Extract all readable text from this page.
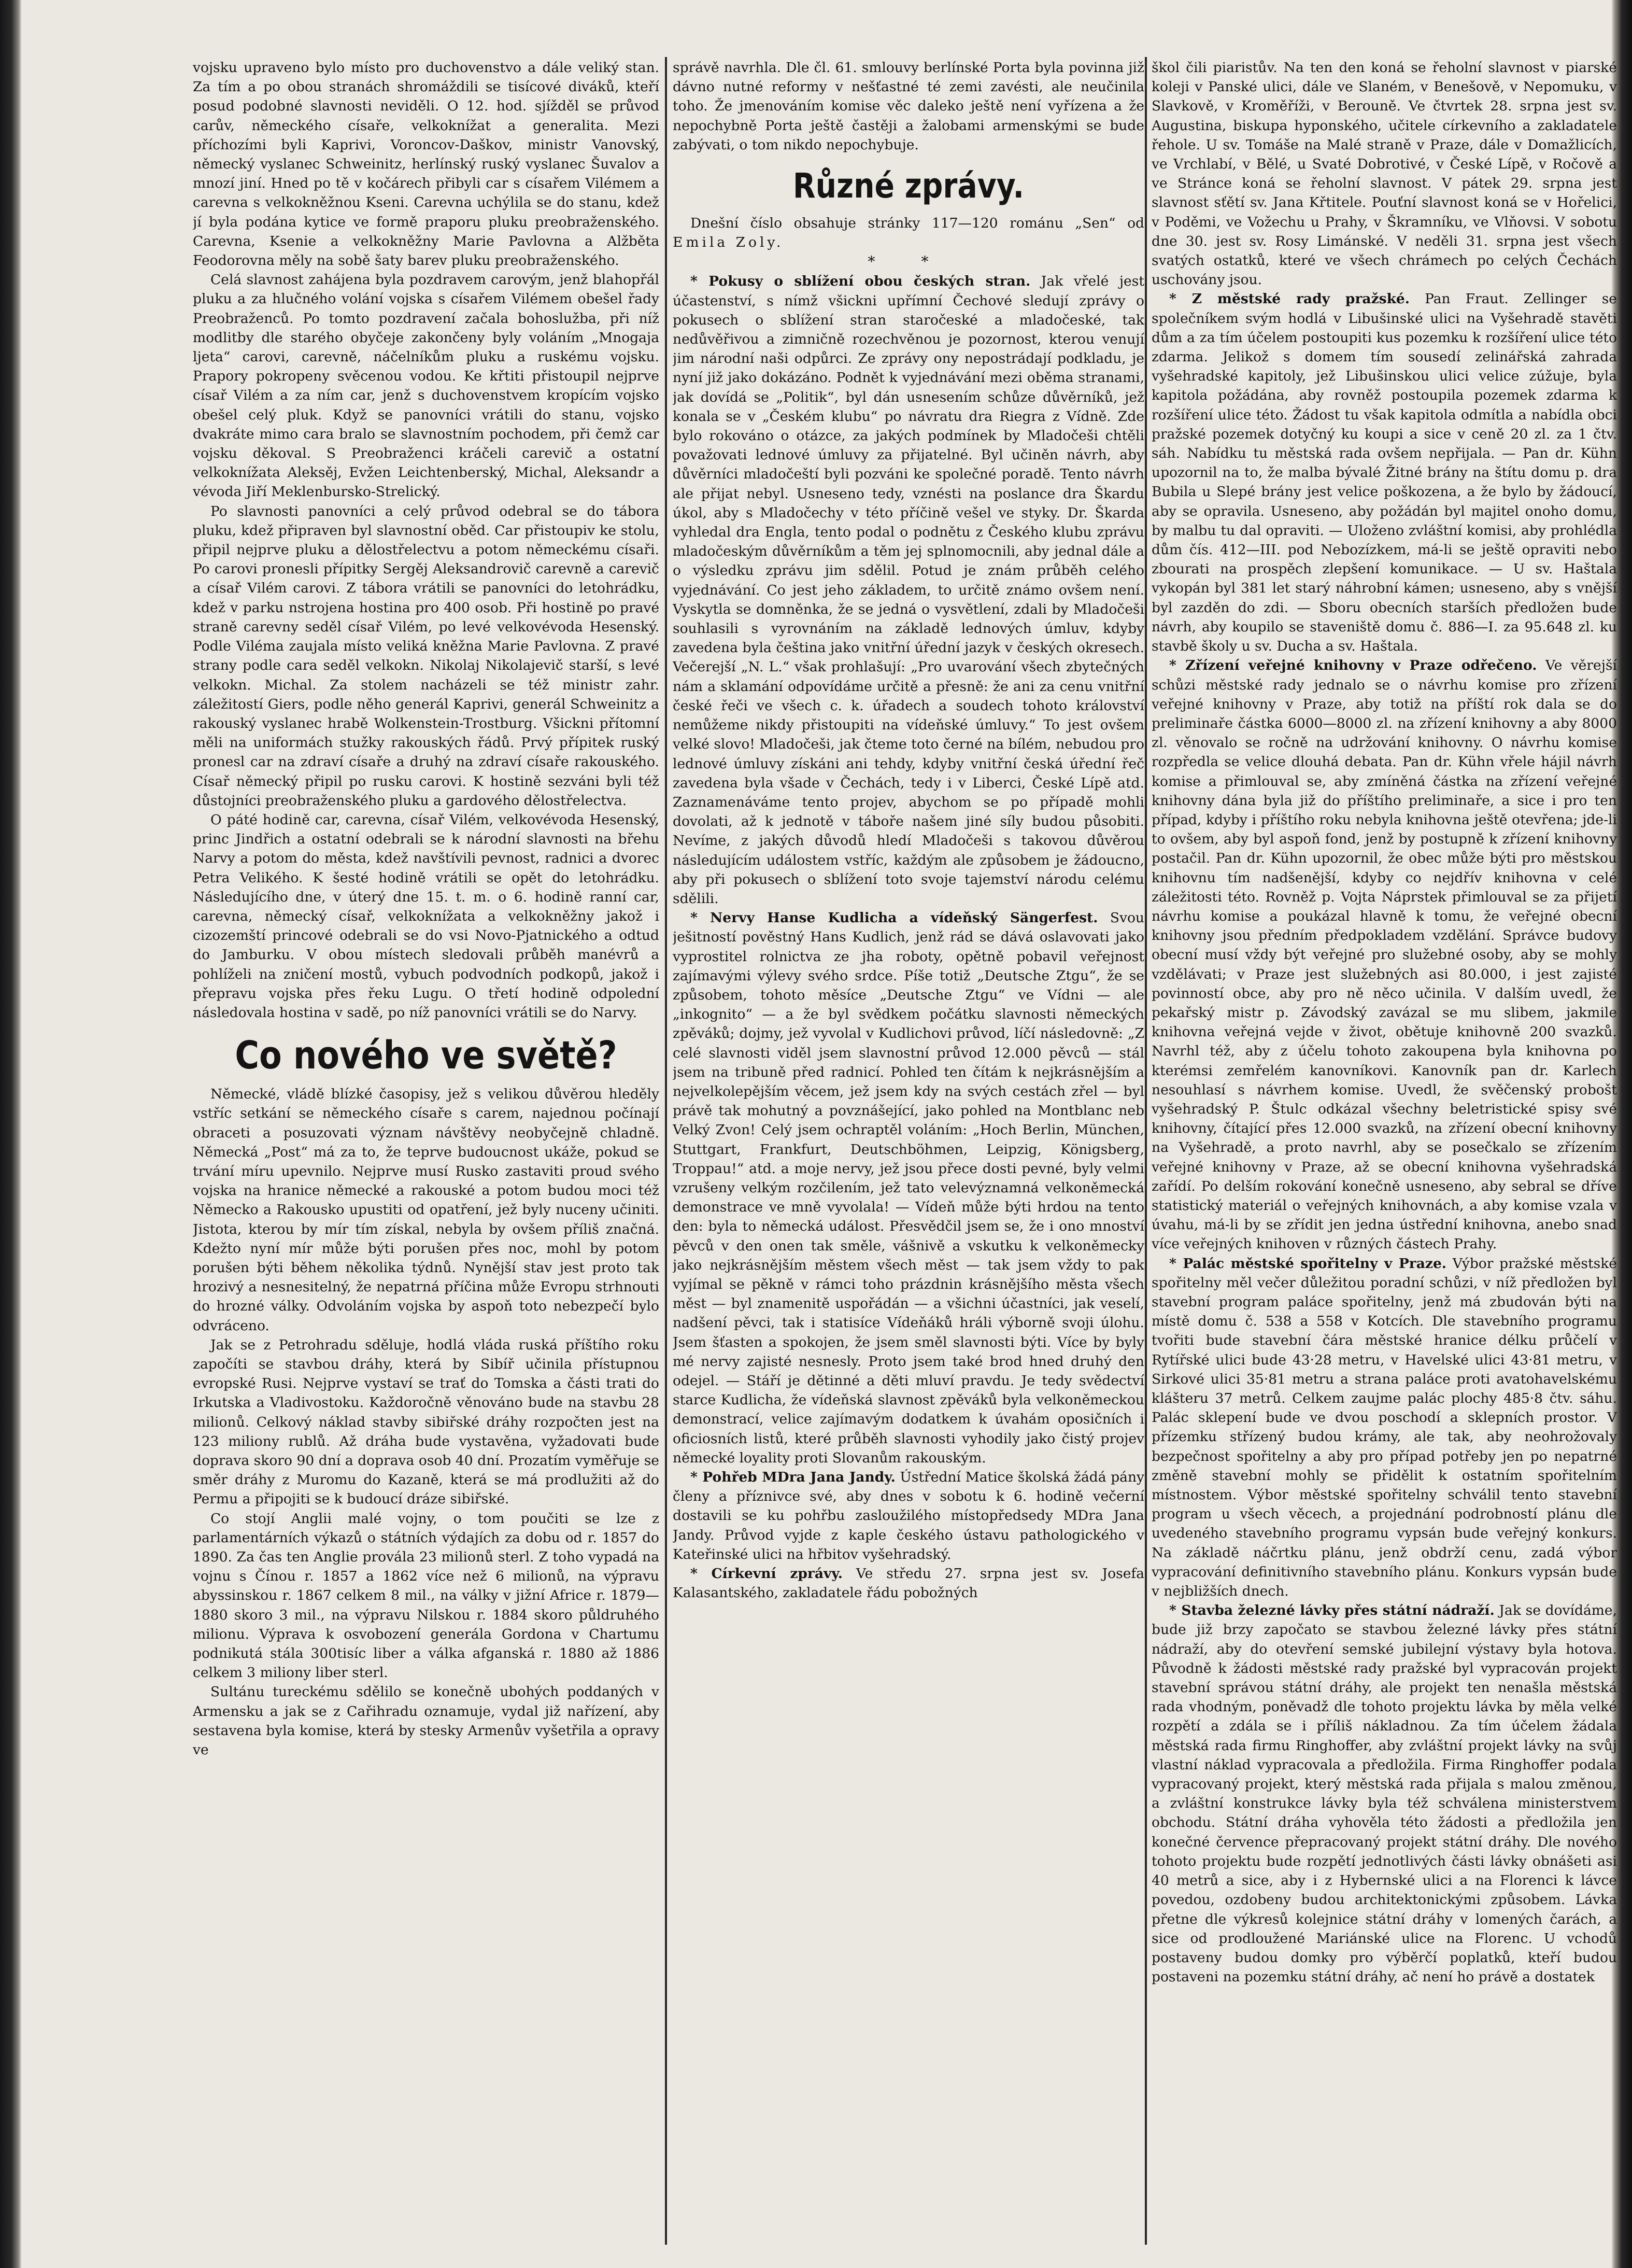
vojsku upraveno bylo místo pro duchovenstvo a dále veliký stan. Za tím a po obou stranách shromáždili se tisícové diváků, kteří posud podobné slavnosti neviděli. O 12. hod. sjížděl se průvod carův, německého císaře, velkoknížat a generalita. Mezi příchozími byli Kaprivi, Voroncov-Daškov, ministr Vanovský, německý vyslanec Schweinitz, herlínský ruský vyslanec Šuvalov a mnozí jiní. Hned po tě v kočárech přibyli car s císařem Vilémem a carevna s velkokněžnou Kseni. Carevna uchýlila se do stanu, kdež jí byla podána kytice ve formě praporu pluku preobraženského. Carevna, Ksenie a velkokněžny Marie Pavlovna a Alžběta Feodorovna měly na sobě šaty barev pluku preobraženského.

Celá slavnost zahájena byla pozdravem carovým, jenž blahopřál pluku a za hlučného volání vojska s císařem Vilémem obešel řady Preobraženců. Po tomto pozdravení začala bohoslužba, při níž modlitby dle starého obyčeje zakončeny byly voláním „Mnogaja ljeta“ carovi, carevně, náčelníkům pluku a ruskému vojsku. Prapory pokropeny svěcenou vodou. Ke křtiti přistoupil nejprve císař Vilém a za ním car, jenž s duchovenstvem kropícím vojsko obešel celý pluk. Když se panovníci vrátili do stanu, vojsko dvakráte mimo cara bralo se slavnostním pochodem, při čemž car vojsku děkoval. S Preobraženci kráčeli carevič a ostatní velkoknížata Aleksěj, Evžen Leichtenberský, Michal, Aleksandr a vévoda Jiří Meklenbursko-Strelický.

Po slavnosti panovníci a celý průvod odebral se do tábora pluku, kdež připraven byl slavnostní oběd. Car přistoupiv ke stolu, připil nejprve pluku a dělostřelectvu a potom německému císaři. Po carovi pronesli přípitky Sergěj Aleksandrovič carevně a carevič a císař Vilém carovi. Z tábora vrátili se panovníci do letohrádku, kdež v parku nstrojena hostina pro 400 osob. Při hostině po pravé straně carevny seděl císař Vilém, po levé velkovévoda Hesenský. Podle Viléma zaujala místo veliká kněžna Marie Pavlovna. Z pravé strany podle cara seděl velkokn. Nikolaj Nikolajevič starší, s levé velkokn. Michal. Za stolem nacházeli se též ministr zahr. záležitostí Giers, podle něho generál Kaprivi, generál Schweinitz a rakouský vyslanec hrabě Wolkenstein-Trostburg. Všickni přítomní měli na uniformách stužky rakouských řádů. Prvý přípitek ruský pronesl car na zdraví císaře a druhý na zdraví císaře rakouského. Císař německý připil po rusku carovi. K hostině sezváni byli též důstojníci preobraženského pluku a gardového dělostřelectva.

O páté hodině car, carevna, císař Vilém, velkovévoda Hesenský, princ Jindřich a ostatní odebrali se k národní slavnosti na břehu Narvy a potom do města, kdež navštívili pevnost, radnici a dvorec Petra Velikého. K šesté hodině vrátili se opět do letohrádku. Následujícího dne, v úterý dne 15. t. m. o 6. hodině ranní car, carevna, německý císař, velkoknížata a velkokněžny jakož i cizozemští princové odebrali se do vsi Novo-Pjatnického a odtud do Jamburku. V obou místech sledovali průběh manévrů a pohlíželi na zničení mostů, vybuch podvodních podkopů, jakož i přepravu vojska přes řeku Lugu. O třetí hodině odpolední následovala hostina v sadě, po níž panovníci vrátili se do Narvy.

Co nového ve světě?

Německé, vládě blízké časopisy, jež s velikou důvěrou hleděly vstříc setkání se německého císaře s carem, najednou počínají obraceti a posuzovati význam návštěvy neobyčejně chladně. Německá „Post“ má za to, že teprve budoucnost ukáže, pokud se trvání míru upevnilo. Nejprve musí Rusko zastaviti proud svého vojska na hranice německé a rakouské a potom budou moci též Německo a Rakousko upustiti od opatření, jež byly nuceny učiniti. Jistota, kterou by mír tím získal, nebyla by ovšem příliš značná. Kdežto nyní mír může býti porušen přes noc, mohl by potom porušen býti během několika týdnů. Nynější stav jest proto tak hrozivý a nesnesitelný, že nepatrná příčina může Evropu strhnouti do hrozné války. Odvoláním vojska by aspoň toto nebezpečí bylo odvráceno.

Jak se z Petrohradu sděluje, hodlá vláda ruská příštího roku započíti se stavbou dráhy, která by Sibíř učinila přístupnou evropské Rusi. Nejprve vystaví se trať do Tomska a části trati do Irkutska a Vladivostoku. Každoročně věnováno bude na stavbu 28 milionů. Celkový náklad stavby sibiřské dráhy rozpočten jest na 123 miliony rublů. Až dráha bude vystavěna, vyžadovati bude doprava skoro 90 dní a doprava osob 40 dní. Prozatím vyměřuje se směr dráhy z Muromu do Kazaně, která se má prodlužiti až do Permu a připojiti se k budoucí dráze sibiřské.

Co stojí Anglii malé vojny, o tom poučiti se lze z parlamentárních výkazů o státních výdajích za dobu od r. 1857 do 1890. Za čas ten Anglie provála 23 milionů sterl. Z toho vypadá na vojnu s Čínou r. 1857 a 1862 více než 6 milionů, na výpravu abyssinskou r. 1867 celkem 8 mil., na války v jižní Africe r. 1879—1880 skoro 3 mil., na výpravu Nilskou r. 1884 skoro půldruhého milionu. Výprava k osvobození generála Gordona v Chartumu podnikutá stála 300tisíc liber a válka afganská r. 1880 až 1886 celkem 3 miliony liber sterl.

Sultánu tureckému sdělilo se konečně ubohých poddaných v Armensku a jak se z Cařihradu oznamuje, vydal již nařízení, aby sestavena byla komise, která by stesky Armenův vyšetřila a opravy ve

správě navrhla. Dle čl. 61. smlouvy berlínské Porta byla povinna již dávno nutné reformy v nešťastné té zemi zavésti, ale neučinila toho. Že jmenováním komise věc daleko ještě není vyřízena a že nepochybně Porta ještě častěji a žalobami armenskými se bude zabývati, o tom nikdo nepochybuje.

Různé zprávy.

Dnešní číslo obsahuje stránky 117—120 románu „Sen“ od Emila Zoly.

* *

* Pokusy o sblížení obou českých stran. Jak vřelé jest účastenství, s nímž všickni upřímní Čechové sledují zprávy o pokusech o sblížení stran staročeské a mladočeské, tak nedůvěřivou a zimničně rozechvěnou je pozornost, kterou venují jim národní naši odpůrci. Ze zprávy ony nepostrádají podkladu, je nyní již jako dokázáno. Podnět k vyjednávání mezi oběma stranami, jak dovídá se „Politik“, byl dán usnesením schůze důvěrníků, jež konala se v „Českém klubu“ po návratu dra Riegra z Vídně. Zde bylo rokováno o otázce, za jakých podmínek by Mladočeši chtěli považovati lednové úmluvy za přijatelné. Byl učiněn návrh, aby důvěrníci mladočeští byli pozváni ke společné poradě. Tento návrh ale přijat nebyl. Usneseno tedy, vznésti na poslance dra Škardu úkol, aby s Mladočechy v této příčině vešel ve styky. Dr. Škarda vyhledal dra Engla, tento podal o podnětu z Českého klubu zprávu mladočeským důvěrníkům a těm jej splnomocnili, aby jednal dále a o výsledku zprávu jim sdělil. Potud je znám průběh celého vyjednávání. Co jest jeho základem, to určitě známo ovšem není. Vyskytla se domněnka, že se jedná o vysvětlení, zdali by Mladočeši souhlasili s vyrovnáním na základě lednových úmluv, kdyby zavedena byla čeština jako vnitřní úřední jazyk v českých okresech. Večerejší „N. L.“ však prohlašují: „Pro uvarování všech zbytečných nám a sklamání odpovídáme určitě a přesně: že ani za cenu vnitřní české řeči ve všech c. k. úřadech a soudech tohoto království nemůžeme nikdy přistoupiti na vídeňské úmluvy.“ To jest ovšem velké slovo! Mladočeši, jak čteme toto černé na bílém, nebudou pro lednové úmluvy získáni ani tehdy, kdyby vnitřní česká úřední řeč zavedena byla všade v Čechách, tedy i v Liberci, České Lípě atd. Zaznamenáváme tento projev, abychom se po případě mohli dovolati, až k jednotě v táboře našem jiné síly budou působiti. Nevíme, z jakých důvodů hledí Mladočeši s takovou důvěrou následujícím událostem vstříc, každým ale způsobem je žádoucno, aby při pokusech o sblížení toto svoje tajemství národu celému sdělili.

* Nervy Hanse Kudlicha a vídeňský Sängerfest. Svou ješitností pověstný Hans Kudlich, jenž rád se dává oslavovati jako vyprostitel rolnictva ze jha roboty, opětně pobavil veřejnost zajímavými výlevy svého srdce. Píše totiž „Deutsche Ztgu“, že se způsobem, tohoto měsíce „Deutsche Ztgu“ ve Vídni — ale „inkognito“ — a že byl svědkem počátku slavnosti německých zpěváků; dojmy, jež vyvolal v Kudlichovi průvod, líčí následovně: „Z celé slavnosti viděl jsem slavnostní průvod 12.000 pěvců — stál jsem na tribuně před radnicí. Pohled ten čítám k nejkrásnějším a nejvelkolepějším věcem, jež jsem kdy na svých cestách zřel — byl právě tak mohutný a povznášející, jako pohled na Montblanc neb Velký Zvon! Celý jsem ochraptěl voláním: „Hoch Berlin, München, Stuttgart, Frankfurt, Deutschböhmen, Leipzig, Königsberg, Troppau!“ atd. a moje nervy, jež jsou přece dosti pevné, byly velmi vzrušeny velkým rozčilením, jež tato velevýznamná velkoněmecká demonstrace ve mně vyvolala! — Vídeň může býti hrdou na tento den: byla to německá událost. Přesvědčil jsem se, že i ono mnoství pěvců v den onen tak směle, vášnivě a vskutku k velkoněmecky jako nejkrásnějším městem všech měst — tak jsem vždy to pak vyjímal se pěkně v rámci toho prázdnin krásnějšího města všech měst — byl znamenitě uspořádán — a všichni účastníci, jak veselí, nadšení pěvci, tak i statisíce Vídeňáků hráli výborně svoji úlohu. Jsem šťasten a spokojen, že jsem směl slavnosti býti. Více by byly mé nervy zajisté nesnesly. Proto jsem také brod hned druhý den odejel. — Stáří je dětinné a děti mluví pravdu. Je tedy svědectví starce Kudlicha, že vídeňská slavnost zpěváků byla velkoněmeckou demonstrací, velice zajímavým dodatkem k úvahám oposičních i oficiosních listů, které průběh slavnosti vyhodily jako čistý projev německé loyality proti Slovanům rakouským.

* Pohřeb MDra Jana Jandy. Ústřední Matice školská žádá pány členy a příznivce své, aby dnes v sobotu k 6. hodině večerní dostavili se ku pohřbu zasloužilého místopředsedy MDra Jana Jandy. Průvod vyjde z kaple českého ústavu pathologického v Kateřinské ulici na hřbitov vyšehradský.

* Církevní zprávy. Ve středu 27. srpna jest sv. Josefa Kalasantského, zakladatele řádu pobožných

škol čili piaristův. Na ten den koná se řeholní slavnost v piarské koleji v Panské ulici, dále ve Slaném, v Benešově, v Nepomuku, v Slavkově, v Kroměříži, v Berouně. Ve čtvrtek 28. srpna jest sv. Augustina, biskupa hyponského, učitele církevního a zakladatele řehole. U sv. Tomáše na Malé straně v Praze, dále v Domažlicích, ve Vrchlabí, v Bělé, u Svaté Dobrotivé, v České Lípě, v Ročově a ve Stránce koná se řeholní slavnost. V pátek 29. srpna jest slavnost sťětí sv. Jana Křtitele. Pouťní slavnost koná se v Hořelici, v Poděmi, ve Vožechu u Prahy, v Škramníku, ve Vlňovsi. V sobotu dne 30. jest sv. Rosy Limánské. V neděli 31. srpna jest všech svatých ostatků, které ve všech chrámech po celých Čechách uschovány jsou.

* Z městské rady pražské. Pan Fraut. Zellinger se společníkem svým hodlá v Libušinské ulici na Vyšehradě stavěti dům a za tím účelem postoupiti kus pozemku k rozšíření ulice této zdarma. Jelikož s domem tím sousedí zelinářská zahrada vyšehradské kapitoly, jež Libušinskou ulici velice zúžuje, byla kapitola požádána, aby rovněž postoupila pozemek zdarma k rozšíření ulice této. Žádost tu však kapitola odmítla a nabídla obci pražské pozemek dotyčný ku koupi a sice v ceně 20 zl. za 1 čtv. sáh. Nabídku tu městská rada ovšem nepřijala. — Pan dr. Kühn upozornil na to, že malba bývalé Žitné brány na štítu domu p. dra Bubila u Slepé brány jest velice poškozena, a že bylo by žádoucí, aby se opravila. Usneseno, aby požádán byl majitel onoho domu, by malbu tu dal opraviti. — Uloženo zvláštní komisi, aby prohlédla dům čís. 412—III. pod Nebozízkem, má-li se ještě opraviti nebo zbourati na prospěch zlepšení komunikace. — U sv. Haštala vykopán byl 381 let starý náhrobní kámen; usneseno, aby s vnější byl zazděn do zdi. — Sboru obecních starších předložen bude návrh, aby koupilo se staveniště domu č. 886—I. za 95.648 zl. ku stavbě školy u sv. Ducha a sv. Haštala.

* Zřízení veřejné knihovny v Praze odřečeno. Ve věrejší schůzi městské rady jednalo se o návrhu komise pro zřízení veřejné knihovny v Praze, aby totiž na příští rok dala se do preliminaře částka 6000—8000 zl. na zřízení knihovny a aby 8000 zl. věnovalo se ročně na udržování knihovny. O návrhu komise rozpředla se velice dlouhá debata. Pan dr. Kühn vřele hájil návrh komise a přimlouval se, aby zmíněná částka na zřízení veřejné knihovny dána byla již do příštího preliminaře, a sice i pro ten případ, kdyby i příštího roku nebyla knihovna ještě otevřena; jde-li to ovšem, aby byl aspoň fond, jenž by postupně k zřízení knihovny postačil. Pan dr. Kühn upozornil, že obec může býti pro městskou knihovnu tím nadšenější, kdyby co nejdřív knihovna v celé záležitosti této. Rovněž p. Vojta Náprstek přimlouval se za přijetí návrhu komise a poukázal hlavně k tomu, že veřejné obecní knihovny jsou předním předpokladem vzdělání. Správce budovy obecní musí vždy být veřejné pro služebné osoby, aby se mohly vzdělávati; v Praze jest služebných asi 80.000, i jest zajisté povinností obce, aby pro ně něco učinila. V dalším uvedl, že pekařský mistr p. Závodský zavázal se mu slibem, jakmile knihovna veřejná vejde v život, obětuje knihovně 200 svazků. Navrhl též, aby z účelu tohoto zakoupena byla knihovna po kterémsi zemřelém kanovníkovi. Kanovník pan dr. Karlech nesouhlasí s návrhem komise. Uvedl, že svěčenský probošt vyšehradský P. Štulc odkázal všechny beletristické spisy své knihovny, čítající přes 12.000 svazků, na zřízení obecní knihovny na Vyšehradě, a proto navrhl, aby se posečkalo se zřízením veřejné knihovny v Praze, až se obecní knihovna vyšehradská zařídí. Po delším rokování konečně usneseno, aby sebral se dříve statistický materiál o veřejných knihovnách, a aby komise vzala v úvahu, má-li by se zřídit jen jedna ústřední knihovna, anebo snad více veřejných knihoven v různých částech Prahy.

* Palác městské spořitelny v Praze. Výbor pražské městské spořitelny měl večer důležitou poradní schůzi, v níž předložen byl stavební program paláce spořitelny, jenž má zbudován býti na místě domu č. 538 a 558 v Kotcích. Dle stavebního programu tvořiti bude stavební čára městské hranice délku průčelí v Rytířské ulici bude 43·28 metru, v Havelské ulici 43·81 metru, v Sirkové ulici 35·81 metru a strana paláce proti avatohavelskému klášteru 37 metrů. Celkem zaujme palác plochy 485·8 čtv. sáhu. Palác sklepení bude ve dvou poschodí a sklepních prostor. V přízemku střízený budou krámy, ale tak, aby neohrožovaly bezpečnost spořitelny a aby pro případ potřeby jen po nepatrné změně stavební mohly se přidělit k ostatním spořitelním místnostem. Výbor městské spořitelny schválil tento stavební program u všech věcech, a projednání podrobností plánu dle uvedeného stavebního programu vypsán bude veřejný konkurs. Na základě náčrtku plánu, jenž obdrží cenu, zadá výbor vypracování definitivního stavebního plánu. Konkurs vypsán bude v nejbližších dnech.

* Stavba železné lávky přes státní nádraží. Jak se dovídáme, bude již brzy započato se stavbou železné lávky přes státní nádraží, aby do otevření semské jubilejní výstavy byla hotova. Původně k žádosti městské rady pražské byl vypracován projekt stavební správou státní dráhy, ale projekt ten nenašla městská rada vhodným, poněvadž dle tohoto projektu lávka by měla velké rozpětí a zdála se i příliš nákladnou. Za tím účelem žádala městská rada firmu Ringhoffer, aby zvláštní projekt lávky na svůj vlastní náklad vypracovala a předložila. Firma Ringhoffer podala vypracovaný projekt, který městská rada přijala s malou změnou, a zvláštní konstrukce lávky byla též schválena ministerstvem obchodu. Státní dráha vyhověla této žádosti a předložila jen konečné července přepracovaný projekt státní dráhy. Dle nového tohoto projektu bude rozpětí jednotlivých části lávky obnášeti asi 40 metrů a sice, aby i z Hybernské ulici a na Florenci k lávce povedou, ozdobeny budou architektonickými způsobem. Lávka přetne dle výkresů kolejnice státní dráhy v lomených čarách, a sice od prodloužené Mariánské ulice na Florenc. U vchodů postaveny budou domky pro výběrčí poplatků, kteří budou postaveni na pozemku státní dráhy, ač není ho právě a dostatek
